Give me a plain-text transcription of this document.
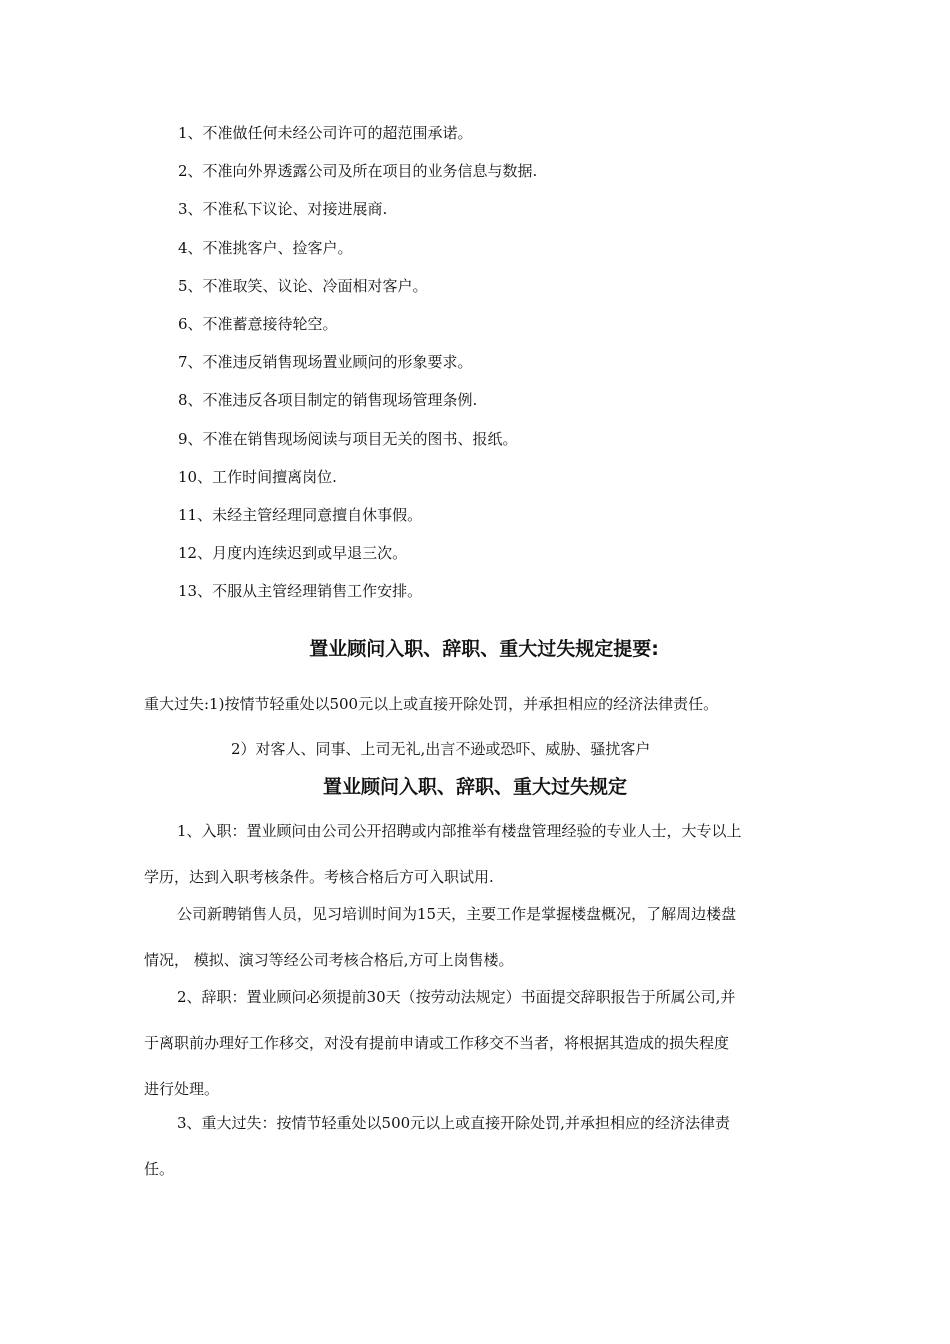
1、不准做任何未经公司许可的超范围承诺。
2、不准向外界透露公司及所在项目的业务信息与数据.
3、不准私下议论、对接进展商.
4、不准挑客户、捡客户。
5、不准取笑、议论、冷面相对客户。
6、不准蓄意接待轮空。
7、不准违反销售现场置业顾问的形象要求。
8、不准违反各项目制定的销售现场管理条例.
9、不准在销售现场阅读与项目无关的图书、报纸。
10、工作时间擅离岗位.
11、未经主管经理同意擅自休事假。
12、月度内连续迟到或早退三次。
13、不服从主管经理销售工作安排。
置业顾问入职、辞职、重大过失规定提要:
重大过失:1)按情节轻重处以500元以上或直接开除处罚，并承担相应的经济法律责任。
2）对客人、同事、上司无礼,出言不逊或恐吓、威胁、骚扰客户
置业顾问入职、辞职、重大过失规定
1、入职：置业顾问由公司公开招聘或内部推举有楼盘管理经验的专业人士，大专以上
学历，达到入职考核条件。考核合格后方可入职试用.
公司新聘销售人员，见习培训时间为15天，主要工作是掌握楼盘概况，了解周边楼盘
情况， 模拟、演习等经公司考核合格后,方可上岗售楼。
2、辞职：置业顾问必须提前30天（按劳动法规定）书面提交辞职报告于所属公司,并
于离职前办理好工作移交，对没有提前申请或工作移交不当者，将根据其造成的损失程度
进行处理。
3、重大过失：按情节轻重处以500元以上或直接开除处罚,并承担相应的经济法律责
任。
